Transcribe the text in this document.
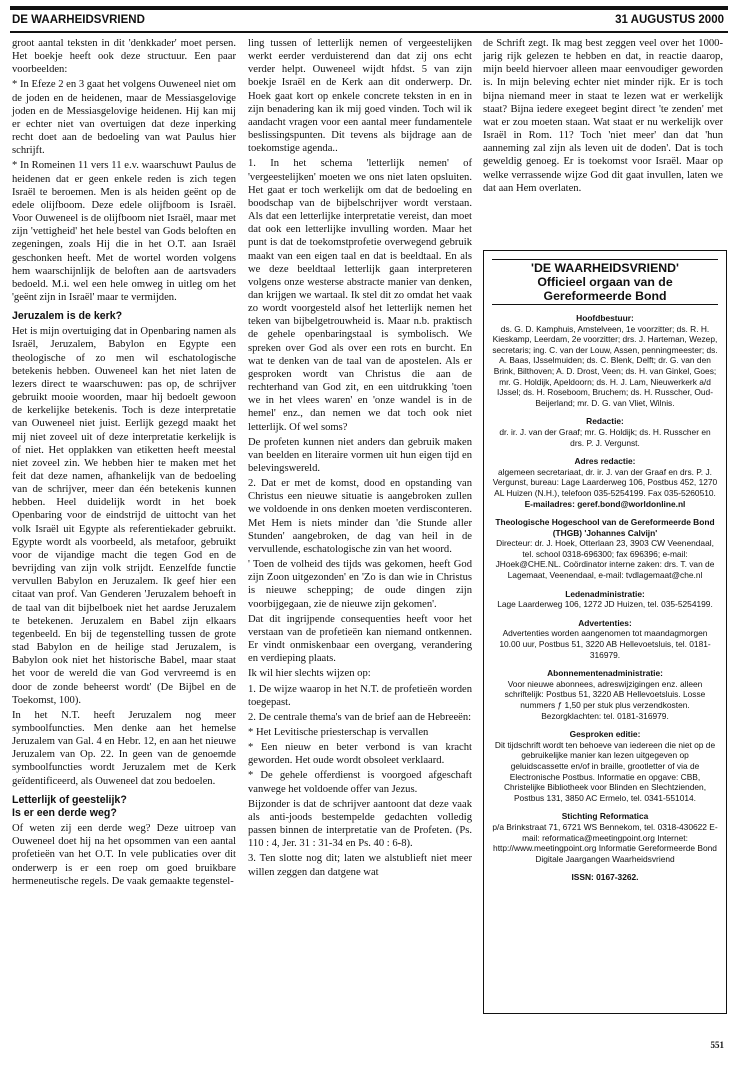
DE WAARHEIDSVRIEND	31 AUGUSTUS 2000

groot aantal teksten in dit 'denkkader' moet persen. Het boekje heeft ook deze structuur. Een paar voorbeelden:

* In Efeze 2 en 3 gaat het volgens Ouweneel niet om de joden en de heidenen, maar de Messiasgelovige joden en de Messiasgelovige heidenen. Hij kan mij er echter niet van overtuigen dat deze inperking recht doet aan de bedoeling van wat Paulus hier schrijft.

* In Romeinen 11 vers 11 e.v. waarschuwt Paulus de heidenen dat er geen enkele reden is zich tegen Israël te beroemen. Men is als heiden geënt op de edele olijfboom. Deze edele olijfboom is Israël. Voor Ouweneel is de olijfboom niet Israël, maar met zijn 'vettigheid' het hele bestel van Gods beloften en zegeningen, zoals Hij die in het O.T. aan Israël geschonken heeft. Met de wortel worden volgens hem waarschijnlijk de beloften aan de aartsvaders bedoeld. M.i. wel een hele omweg in uitleg om het 'geënt zijn in Israël' maar te vermijden.

Jeruzalem is de kerk?

Het is mijn overtuiging dat in Openbaring namen als Israël, Jeruzalem, Babylon en Egypte een theologische of zo men wil eschatologische betekenis hebben. Ouweneel kan het niet laten de lezers direct te waarschuwen: pas op, de schrijver gebruikt mooie woorden, maar hij bedoelt gewoon de kerkelijke betekenis. Toch is deze interpretatie van Ouweneel niet juist. Eerlijk gezegd maakt het mij niet zoveel uit of deze interpretatie kerkelijk is of niet. Het opplakken van etiketten heeft meestal niet zoveel zin. We hebben hier te maken met het feit dat deze namen, afhankelijk van de bedoeling van de schrijver, meer dan één betekenis kunnen hebben. Heel duidelijk wordt in het boek Openbaring voor de eindstrijd de uittocht van het volk Israël uit Egypte als referentiekader gebruikt. Egypte wordt als voorbeeld, als metafoor, gebruikt voor de vijandige macht die tegen God en de bevrijding van zijn volk strijdt. Eenzelfde functie vervullen Babylon en Jeruzalem. Ik geef hier een citaat van prof. Van Genderen 'Jeruzalem behoeft in de taal van dit bijbelboek niet het aardse Jeruzalem te betekenen. Jeruzalem en Babel zijn elkaars tegenbeeld. En bij de tegenstelling tussen de grote stad Babylon en de heilige stad Jeruzalem, is Babylon ook niet het historische Babel, maar staat het voor de wereld die van God vervreemd is en door de zonde beheerst wordt' (De Bijbel en de Toekomst, 100).

In het N.T. heeft Jeruzalem nog meer symboolfuncties. Men denke aan het hemelse Jeruzalem van Gal. 4 en Hebr. 12, en aan het nieuwe Jeruzalem van Op. 22. In geen van de genoemde symboolfuncties wordt Jeruzalem met de Kerk geïdentificeerd, als Ouweneel dat zou bedoelen.

Letterlijk of geestelijk?

Is er een derde weg?

Of weten zij een derde weg? Deze uitroep van Ouweneel doet hij na het opsommen van een aantal profetieën van het O.T. In vele publicaties over dit onderwerp is er een roep om goed bruikbare hermeneutische regels. De vaak gemaakte tegenstel-

ling tussen of letterlijk nemen of vergeestelijken werkt eerder verduisterend dan dat zij ons echt verder helpt. Ouweneel wijdt hfdst. 5 van zijn boekje Israël en de Kerk aan dit onderwerp. Dr. Hoek gaat kort op enkele concrete teksten in en in zijn benadering kan ik mij goed vinden. Toch wil ik aandacht vragen voor een aantal meer fundamentele beslissingspunten. Dit tevens als bijdrage aan de toekomstige agenda..

1. In het schema 'letterlijk nemen' of 'vergeestelijken' moeten we ons niet laten opsluiten. Het gaat er toch werkelijk om dat de bedoeling en boodschap van de bijbelschrijver wordt verstaan. Als dat een letterlijke interpretatie vereist, dan moet dat ook een letterlijke invulling worden. Maar het punt is dat de toekomstprofetie overwegend gebruik maakt van een eigen taal en dat is beeldtaal. En als we deze beeldtaal letterlijk gaan interpreteren volgens onze westerse abstracte manier van denken, dan krijgen we wartaal. Ik stel dit zo omdat het vaak zo wordt voorgesteld alsof het letterlijk nemen het teken van bijbelgetrouwheid is. Maar n.b. praktisch de gehele openbaringstaal is symbolisch. We spreken over God als over een rots en burcht. En wat te denken van de taal van de apostelen. Als er gesproken wordt van Christus die aan de rechterhand van God zit, en een uitdrukking 'toen we in het vlees waren' en 'onze wandel is in de hemel' enz., dan nemen we dat toch ook niet letterlijk. Of wel soms?

De profeten kunnen niet anders dan gebruik maken van beelden en literaire vormen uit hun eigen tijd en belevingswereld.

2. Dat er met de komst, dood en opstanding van Christus een nieuwe situatie is aangebroken zullen we voldoende in ons denken moeten verdisconteren. Met Hem is niets minder dan 'die Stunde aller Stunden' aangebroken, de dag van heil in de vervullende, eschatologische zin van het woord.

' Toen de volheid des tijds was gekomen, heeft God zijn Zoon uitgezonden' en 'Zo is dan wie in Christus is nieuwe schepping; de oude dingen zijn voorbijgegaan, zie de nieuwe zijn gekomen'.

Dat dit ingrijpende consequenties heeft voor het verstaan van de profetieën kan niemand ontkennen. Er vindt onmiskenbaar een overgang, verandering en verdieping plaats.

Ik wil hier slechts wijzen op:

1. De wijze waarop in het N.T. de profetieën worden toegepast.

2. De centrale thema's van de brief aan de Hebreeën:

* Het Levitische priesterschap is vervallen

* Een nieuw en beter verbond is van kracht geworden. Het oude wordt obsoleet verklaard.

* De gehele offerdienst is voorgoed afgeschaft vanwege het voldoende offer van Jezus.

Bijzonder is dat de schrijver aantoont dat deze vaak als anti-joods bestempelde gedachten volledig passen binnen de interpretatie van de Profeten. (Ps. 110 : 4, Jer. 31 : 31-34 en Ps. 40 : 6-8).

3. Ten slotte nog dit; laten we alstublieft niet meer willen zeggen dan datgene wat

de Schrift zegt. Ik mag best zeggen veel over het 1000-jarig rijk gelezen te hebben en dat, in reactie daarop, mijn beeld hiervoer alleen maar eenvoudiger geworden is. In mijn beleving echter niet minder rijk. Er is toch bijna niemand meer in staat te lezen wat er werkelijk staat? Bijna iedere exegeet begint direct 'te zenden' met wat er zou moeten staan. Wat staat er nu werkelijk over Israël in Rom. 11? Toch 'niet meer' dan dat 'hun aanneming zal zijn als leven uit de doden'. Dat is toch geweldig genoeg. Er is toekomst voor Israël. Maar op welke verrassende wijze God dit gaat invullen, laten we dat aan Hem overlaten.

'DE WAARHEIDSVRIEND'
Officieel orgaan van de
Gereformeerde Bond
Hoofdbestuur:
ds. G. D. Kamphuis, Amstelveen, 1e voorzitter; ds. R. H. Kieskamp, Leerdam, 2e voorzitter; drs. J. Harteman, Wezep, secretaris; ing. C. van der Louw, Assen, penningmeester; ds. A. Baas, IJsselmuiden; ds. C. Blenk, Delft; dr. G. van den Brink, Bilthoven; A. D. Drost, Veen; ds. H. van Ginkel, Goes; mr. G. Holdijk, Apeldoorn; ds. H. J. Lam, Nieuwerkerk a/d IJssel; ds. H. Roseboom, Bruchem; ds. H. Russcher, Oud-Beijerland; mr. D. G. van Vliet, Wilnis.
Redactie:
dr. ir. J. van der Graaf; mr. G. Holdijk; ds. H. Russcher en drs. P. J. Vergunst.
Adres redactie:
algemeen secretariaat, dr. ir. J. van der Graaf en drs. P. J. Vergunst, bureau: Lage Laarderweg 106, Postbus 452, 1270 AL Huizen (N.H.), telefoon 035-5254199. Fax 035-5260510.
E-mailadres: geref.bond@worldonline.nl
Theologische Hogeschool van de Gereformeerde Bond (THGB) 'Johannes Calvijn'
Directeur: dr. J. Hoek, Otterlaan 23, 3903 CW Veenendaal, tel. school 0318-696300; fax 696396; e-mail: JHoek@CHE.NL. Coördinator interne zaken: drs. T. van de Lagemaat, Veenendaal, e-mail: tvdlagemaat@che.nl
Ledenadministratie:
Lage Laarderweg 106, 1272 JD Huizen, tel. 035-5254199.
Advertenties:
Advertenties worden aangenomen tot maandagmorgen 10.00 uur, Postbus 51, 3220 AB Hellevoetsluis, tel. 0181-316979.
Abonnementenadministratie:
Voor nieuwe abonnees, adreswijzigingen enz. alleen schriftelijk: Postbus 51, 3220 AB Hellevoetsluis. Losse nummers ƒ 1,50 per stuk plus verzendkosten. Bezorgklachten: tel. 0181-316979.
Gesproken editie:
Dit tijdschrift wordt ten behoeve van iedereen die niet op de gebruikelijke manier kan lezen uitgegeven op geluidscassette en/of in braille, grootletter of via de Electronische Postbus. Informatie en opgave: CBB, Christelijke Bibliotheek voor Blinden en Slechtzienden, Postbus 131, 3850 AC Ermelo, tel. 0341-551014.
Stichting Reformatica
p/a Brinkstraat 71, 6721 WS Bennekom, tel. 0318-430622 E-mail: reformatica@meetingpoint.org Internet: http://www.meetingpoint.org Informatie Gereformeerde Bond Digitale Jaargangen Waarheidsvriend
ISSN: 0167-3262.
551
